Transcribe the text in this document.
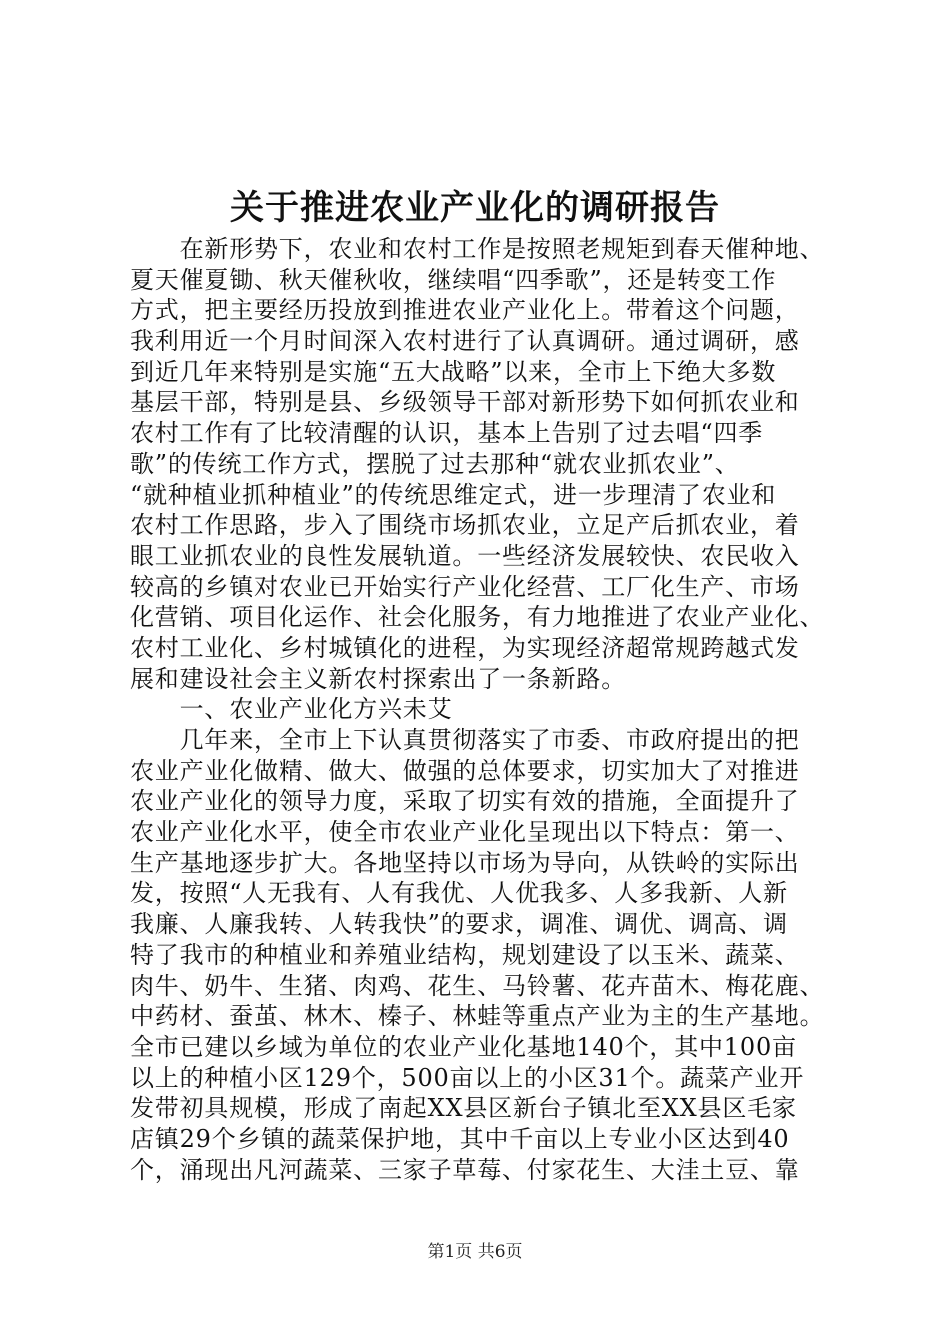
关于推进农业产业化的调研报告
　　在新形势下，农业和农村工作是按照老规矩到春天催种地、
夏天催夏锄、秋天催秋收，继续唱“四季歌”，还是转变工作
方式，把主要经历投放到推进农业产业化上。带着这个问题，
我利用近一个月时间深入农村进行了认真调研。通过调研，感
到近几年来特别是实施“五大战略”以来，全市上下绝大多数
基层干部，特别是县、乡级领导干部对新形势下如何抓农业和
农村工作有了比较清醒的认识，基本上告别了过去唱“四季
歌”的传统工作方式，摆脱了过去那种“就农业抓农业”、
“就种植业抓种植业”的传统思维定式，进一步理清了农业和
农村工作思路，步入了围绕市场抓农业，立足产后抓农业，着
眼工业抓农业的良性发展轨道。一些经济发展较快、农民收入
较高的乡镇对农业已开始实行产业化经营、工厂化生产、市场
化营销、项目化运作、社会化服务，有力地推进了农业产业化、
农村工业化、乡村城镇化的进程，为实现经济超常规跨越式发
展和建设社会主义新农村探索出了一条新路。
　　一、农业产业化方兴未艾
　　几年来，全市上下认真贯彻落实了市委、市政府提出的把
农业产业化做精、做大、做强的总体要求，切实加大了对推进
农业产业化的领导力度，采取了切实有效的措施，全面提升了
农业产业化水平，使全市农业产业化呈现出以下特点：第一、
生产基地逐步扩大。各地坚持以市场为导向，从铁岭的实际出
发，按照“人无我有、人有我优、人优我多、人多我新、人新
我廉、人廉我转、人转我快”的要求，调准、调优、调高、调
特了我市的种植业和养殖业结构，规划建设了以玉米、蔬菜、
肉牛、奶牛、生猪、肉鸡、花生、马铃薯、花卉苗木、梅花鹿、
中药材、蚕茧、林木、榛子、林蛙等重点产业为主的生产基地。
全市已建以乡域为单位的农业产业化基地140个，其中100亩
以上的种植小区129个，500亩以上的小区31个。蔬菜产业开
发带初具规模，形成了南起XX县区新台子镇北至XX县区毛家
店镇29个乡镇的蔬菜保护地，其中千亩以上专业小区达到40
个，涌现出凡河蔬菜、三家子草莓、付家花生、大洼土豆、靠
第1页 共6页
